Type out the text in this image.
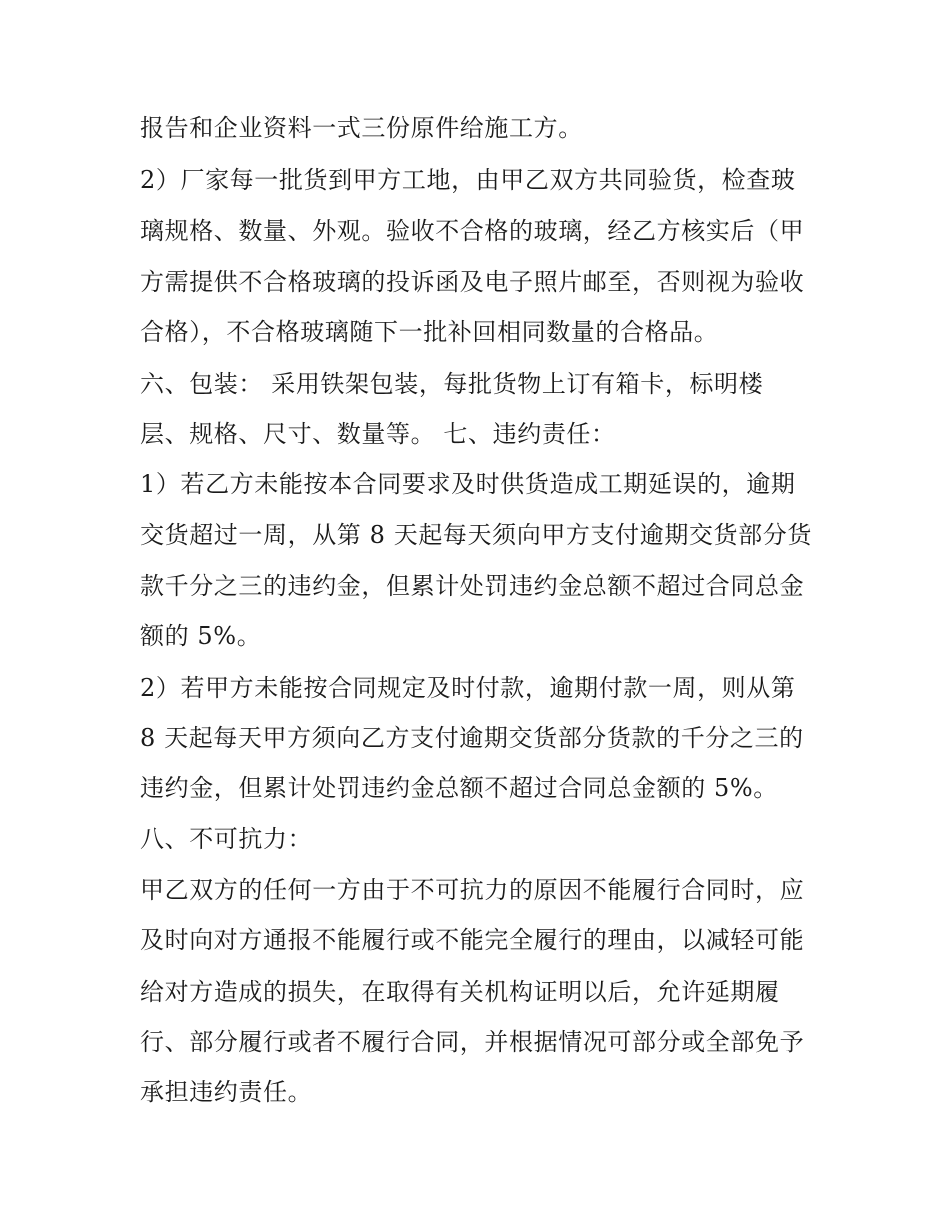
报告和企业资料一式三份原件给施工方。
2）厂家每一批货到甲方工地，由甲乙双方共同验货，检查玻
璃规格、数量、外观。验收不合格的玻璃，经乙方核实后（甲
方需提供不合格玻璃的投诉函及电子照片邮至，否则视为验收
合格），不合格玻璃随下一批补回相同数量的合格品。
六、包装： 采用铁架包装，每批货物上订有箱卡，标明楼
层、规格、尺寸、数量等。 七、违约责任：
1）若乙方未能按本合同要求及时供货造成工期延误的，逾期
交货超过一周，从第 8 天起每天须向甲方支付逾期交货部分货
款千分之三的违约金，但累计处罚违约金总额不超过合同总金
额的 5%。
2）若甲方未能按合同规定及时付款，逾期付款一周，则从第
8 天起每天甲方须向乙方支付逾期交货部分货款的千分之三的
违约金，但累计处罚违约金总额不超过合同总金额的 5%。
八、不可抗力：
甲乙双方的任何一方由于不可抗力的原因不能履行合同时，应
及时向对方通报不能履行或不能完全履行的理由，以减轻可能
给对方造成的损失，在取得有关机构证明以后，允许延期履
行、部分履行或者不履行合同，并根据情况可部分或全部免予
承担违约责任。
